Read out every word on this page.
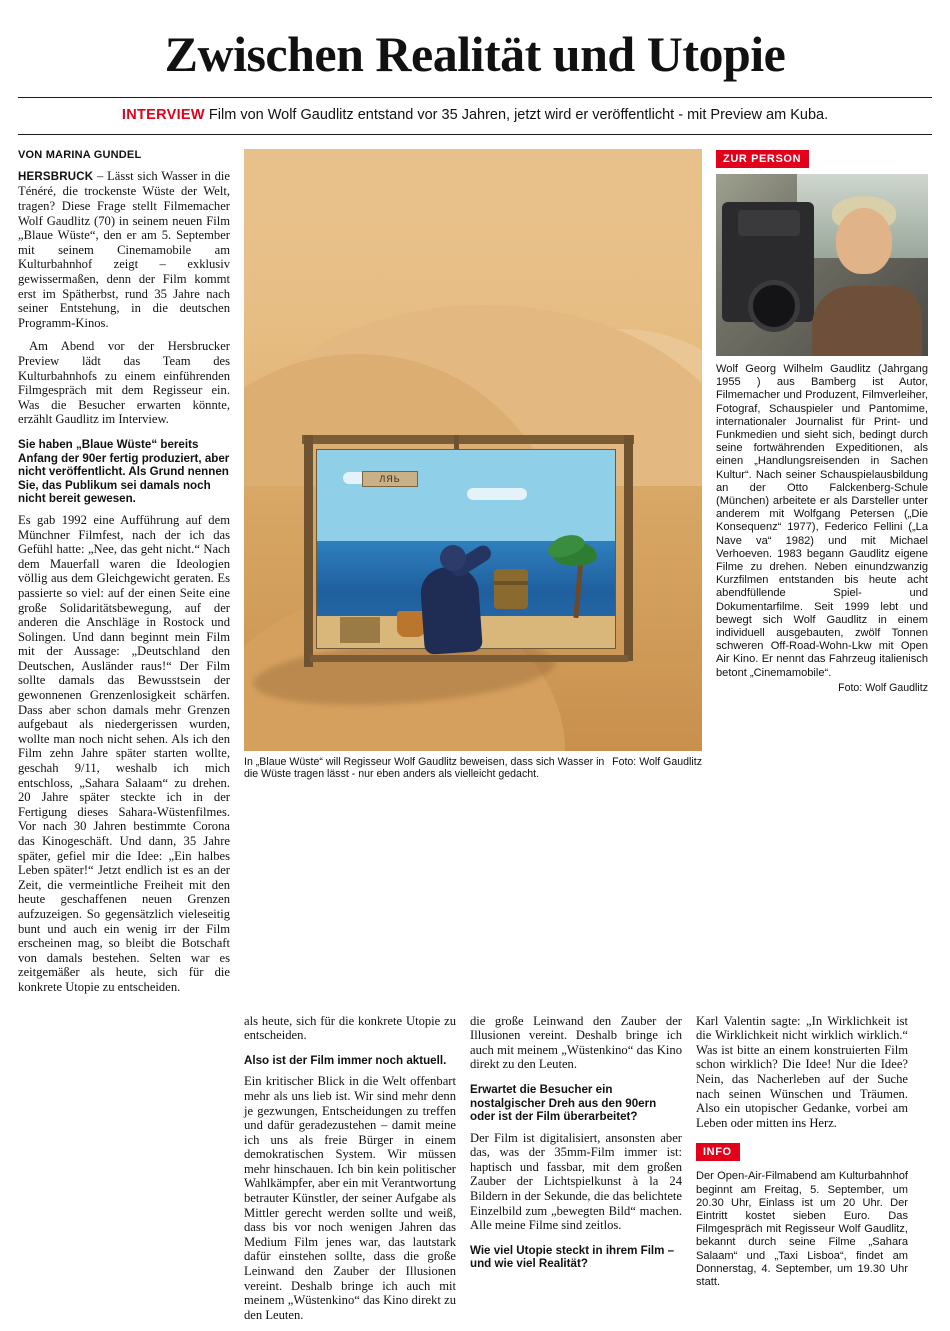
Zwischen Realität und Utopie
INTERVIEW Film von Wolf Gaudlitz entstand vor 35 Jahren, jetzt wird er veröffentlicht - mit Preview am Kuba.
VON MARINA GUNDEL

HERSBRUCK – Lässt sich Wasser in die Ténéré, die trockenste Wüste der Welt, tragen? Diese Frage stellt Filmemacher Wolf Gaudlitz (70) in seinem neuen Film „Blaue Wüste“, den er am 5. September mit seinem Cinemamobile am Kulturbahnhof zeigt – exklusiv gewissermaßen, denn der Film kommt erst im Spätherbst, rund 35 Jahre nach seiner Entstehung, in die deutschen Programm-Kinos.

Am Abend vor der Hersbrucker Preview lädt das Team des Kulturbahnhofs zu einem einführenden Filmgespräch mit dem Regisseur ein. Was die Besucher erwarten könnte, erzählt Gaudlitz im Interview.

Sie haben „Blaue Wüste“ bereits Anfang der 90er fertig produziert, aber nicht veröffentlicht. Als Grund nennen Sie, das Publikum sei damals noch nicht bereit gewesen.

Es gab 1992 eine Aufführung auf dem Münchner Filmfest, nach der ich das Gefühl hatte: „Nee, das geht nicht.“ Nach dem Mauerfall waren die Ideologien völlig aus dem Gleichgewicht geraten. Es passierte so viel: auf der einen Seite eine große Solidaritätsbewegung, auf der anderen die Anschläge in Rostock und Solingen. Und dann beginnt mein Film mit der Aussage: „Deutschland den Deutschen, Ausländer raus!“ Der Film sollte damals das Bewusstsein der gewonnenen Grenzenlosigkeit schärfen. Dass aber schon damals mehr Grenzen aufgebaut als niedergerissen wurden, wollte man noch nicht sehen. Als ich den Film zehn Jahre später starten wollte, geschah 9/11, weshalb ich mich entschloss, „Sahara Salaam“ zu drehen. 20 Jahre später steckte ich in der Fertigung dieses Sahara-Wüstenfilmes. Vor nach 30 Jahren bestimmte Corona das Kinogeschäft. Und dann, 35 Jahre später, gefiel mir die Idee: „Ein halbes Leben später!“ Jetzt endlich ist es an der Zeit, die vermeintliche Freiheit mit den heute geschaffenen neuen Grenzen aufzuzeigen. So gegensätzlich vieleseitig bunt und auch ein wenig irr der Film erscheinen mag, so bleibt die Botschaft von damals bestehen. Selten war es zeitgemäßer als heute, sich für die konkrete Utopie zu entscheiden.

ЛЯЬ
Foto: Wolf Gaudlitz
In „Blaue Wüste“ will Regisseur Wolf Gaudlitz beweisen, dass sich Wasser in die Wüste tragen lässt - nur eben anders als vielleicht gedacht.
ZUR PERSON

Wolf Georg Wilhelm Gaudlitz (Jahrgang 1955 ) aus Bamberg ist Autor, Filmemacher und Produzent, Filmverleiher, Fotograf, Schauspieler und Pantomime, internationaler Journalist für Print- und Funkmedien und sieht sich, bedingt durch seine fortwährenden Expeditionen, als einen „Handlungsreisenden in Sachen Kultur“. Nach seiner Schauspielausbildung an der Otto Falckenberg-Schule (München) arbeitete er als Darsteller unter anderem mit Wolfgang Petersen („Die Konsequenz“ 1977), Federico Fellini („La Nave va“ 1982) und mit Michael Verhoeven. 1983 begann Gaudlitz eigene Filme zu drehen. Neben einundzwanzig Kurzfilmen entstanden bis heute acht abendfüllende Spiel- und Dokumentarfilme. Seit 1999 lebt und bewegt sich Wolf Gaudlitz in einem individuell ausgebauten, zwölf Tonnen schweren Off-Road-Wohn-Lkw mit Open Air Kino. Er nennt das Fahrzeug italienisch betont „Cinemamobile“.

Foto: Wolf Gaudlitz

als heute, sich für die konkrete Utopie zu entscheiden.

Also ist der Film immer noch aktuell.

Ein kritischer Blick in die Welt offenbart mehr als uns lieb ist. Wir sind mehr denn je gezwungen, Entscheidungen zu treffen und dafür geradezustehen – damit meine ich uns als freie Bürger in einem demokratischen System. Wir müssen mehr hinschauen. Ich bin kein politischer Wahlkämpfer, aber ein mit Verantwortung betrauter Künstler, der seiner Aufgabe als Mittler gerecht werden sollte und weiß, dass bis vor noch wenigen Jahren das Medium Film jenes war, das lautstark dafür einstehen sollte, dass die große Leinwand den Zauber der Illusionen vereint. Deshalb bringe ich auch mit meinem „Wüstenkino“ das Kino direkt zu den Leuten.

die große Leinwand den Zauber der Illusionen vereint. Deshalb bringe ich auch mit meinem „Wüstenkino“ das Kino direkt zu den Leuten.

Erwartet die Besucher ein nostalgischer Dreh aus den 90ern oder ist der Film überarbeitet?

Der Film ist digitalisiert, ansonsten aber das, was der 35mm-Film immer ist: haptisch und fassbar, mit dem großen Zauber der Lichtspielkunst à la 24 Bildern in der Sekunde, die das belichtete Einzelbild zum „bewegten Bild“ machen. Alle meine Filme sind zeitlos.

Wie viel Utopie steckt in ihrem Film – und wie viel Realität?

Karl Valentin sagte: „In Wirklichkeit ist die Wirklichkeit nicht wirklich wirklich.“ Was ist bitte an einem konstruierten Film schon wirklich? Die Idee! Nur die Idee? Nein, das Nacherleben auf der Suche nach seinen Wünschen und Träumen. Also ein utopischer Gedanke, vorbei am Leben oder mitten ins Herz.

INFO

Der Open-Air-Filmabend am Kulturbahnhof beginnt am Freitag, 5. September, um 20.30 Uhr, Einlass ist um 20 Uhr. Der Eintritt kostet sieben Euro. Das Filmgespräch mit Regisseur Wolf Gaudlitz, bekannt durch seine Filme „Sahara Salaam“ und „Taxi Lisboa“, findet am Donnerstag, 4. September, um 19.30 Uhr statt.
